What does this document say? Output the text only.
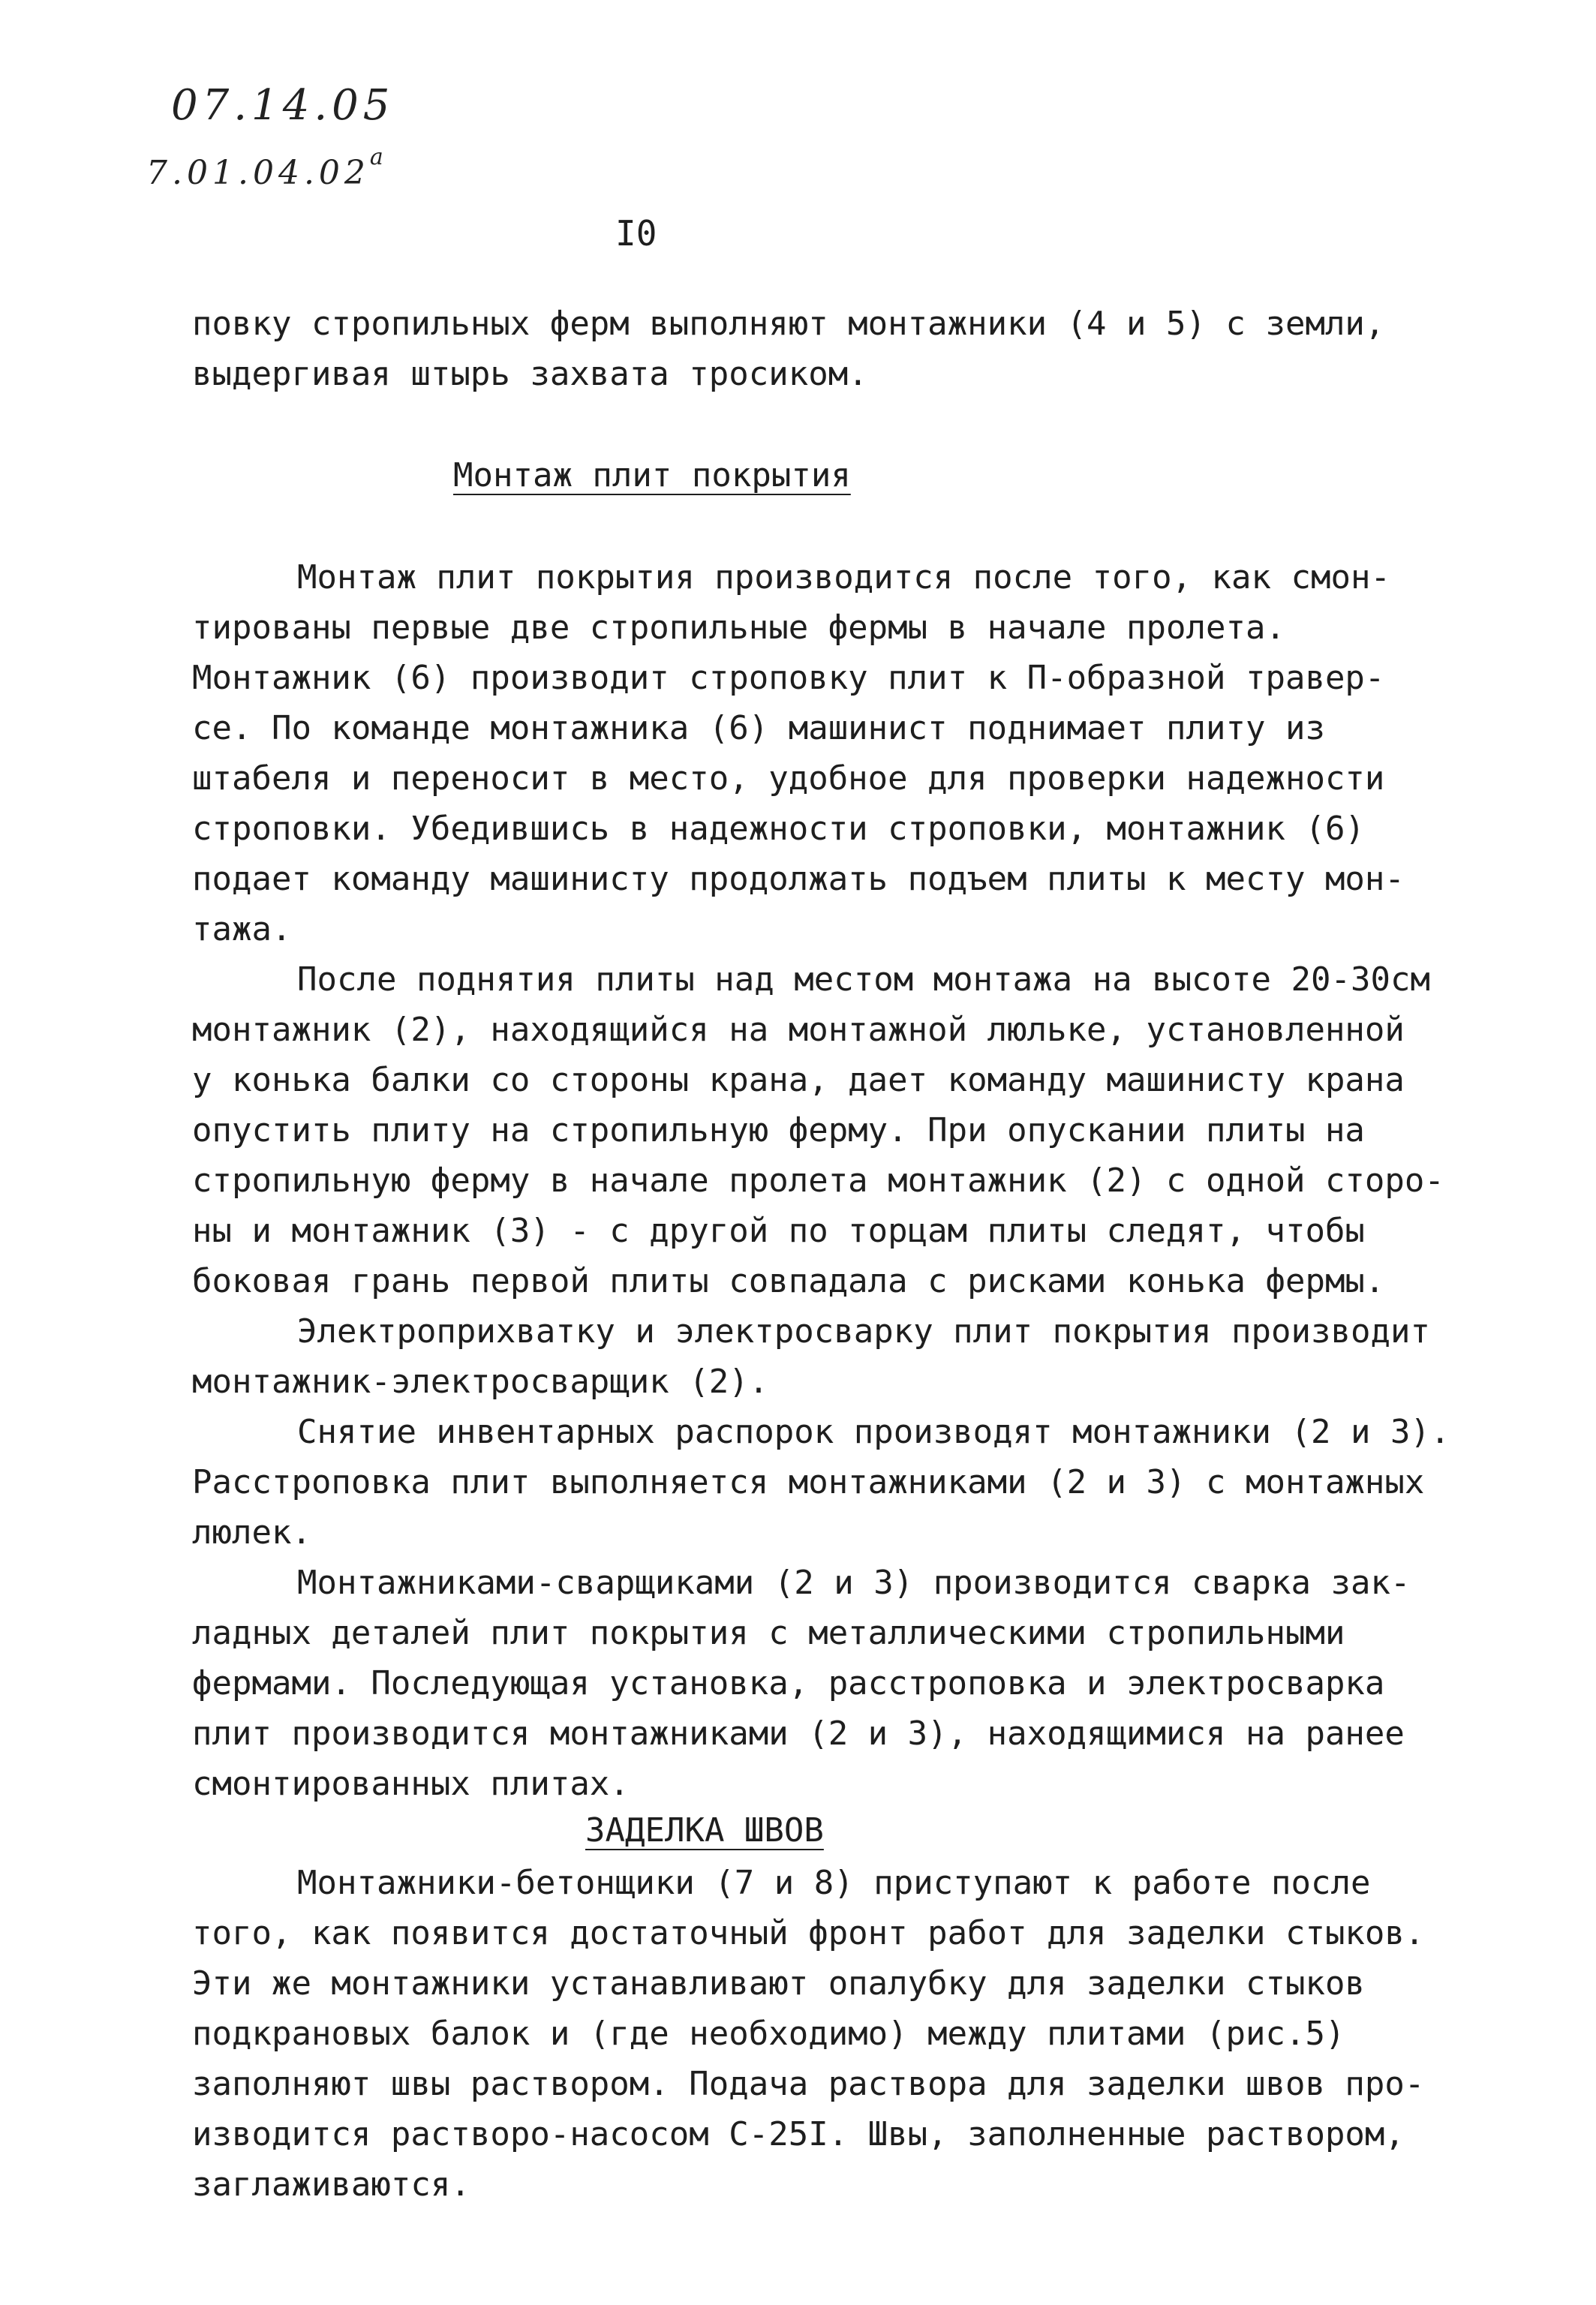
07.14.05
7.01.04.02$^a$
I0
повку стропильных ферм выполняют монтажники (4 и 5) с земли,
выдергивая штырь захвата тросиком.
Монтаж плит покрытия
Монтаж плит покрытия производится после того, как смон-
тированы первые две стропильные фермы в начале пролета.
Монтажник (6) производит строповку плит к П-образной травер-
се. По команде монтажника (6) машинист поднимает плиту из
штабеля и переносит в место, удобное для проверки надежности
строповки. Убедившись в надежности строповки, монтажник (6)
подает команду машинисту продолжать подъем плиты к месту мон-
тажа.
После поднятия плиты над местом монтажа на высоте 20-30см
монтажник (2), находящийся на монтажной люльке, установленной
у конька балки со стороны крана, дает команду машинисту крана
опустить плиту на стропильную ферму. При опускании плиты на
стропильную ферму в начале пролета монтажник (2) с одной сторо-
ны и монтажник (3) - с другой по торцам плиты следят, чтобы
боковая грань первой плиты совпадала с рисками конька фермы.
Электроприхватку и электросварку плит покрытия производит
монтажник-электросварщик (2).
Снятие инвентарных распорок производят монтажники (2 и 3).
Расстроповка плит выполняется монтажниками (2 и 3) с монтажных
люлек.
Монтажниками-сварщиками (2 и 3) производится сварка зак-
ладных деталей плит покрытия с металлическими стропильными
фермами. Последующая установка, расстроповка и электросварка
плит производится монтажниками (2 и 3), находящимися на ранее
смонтированных плитах.
ЗАДЕЛКА ШВОВ
Монтажники-бетонщики (7 и 8) приступают к работе после
того, как появится достаточный фронт работ для заделки стыков.
Эти же монтажники устанавливают опалубку для заделки стыков
подкрановых балок и (где необходимо) между плитами (рис.5)
заполняют швы раствором. Подача раствора для заделки швов про-
изводится растворо-насосом С-25I. Швы, заполненные раствором,
заглаживаются.
